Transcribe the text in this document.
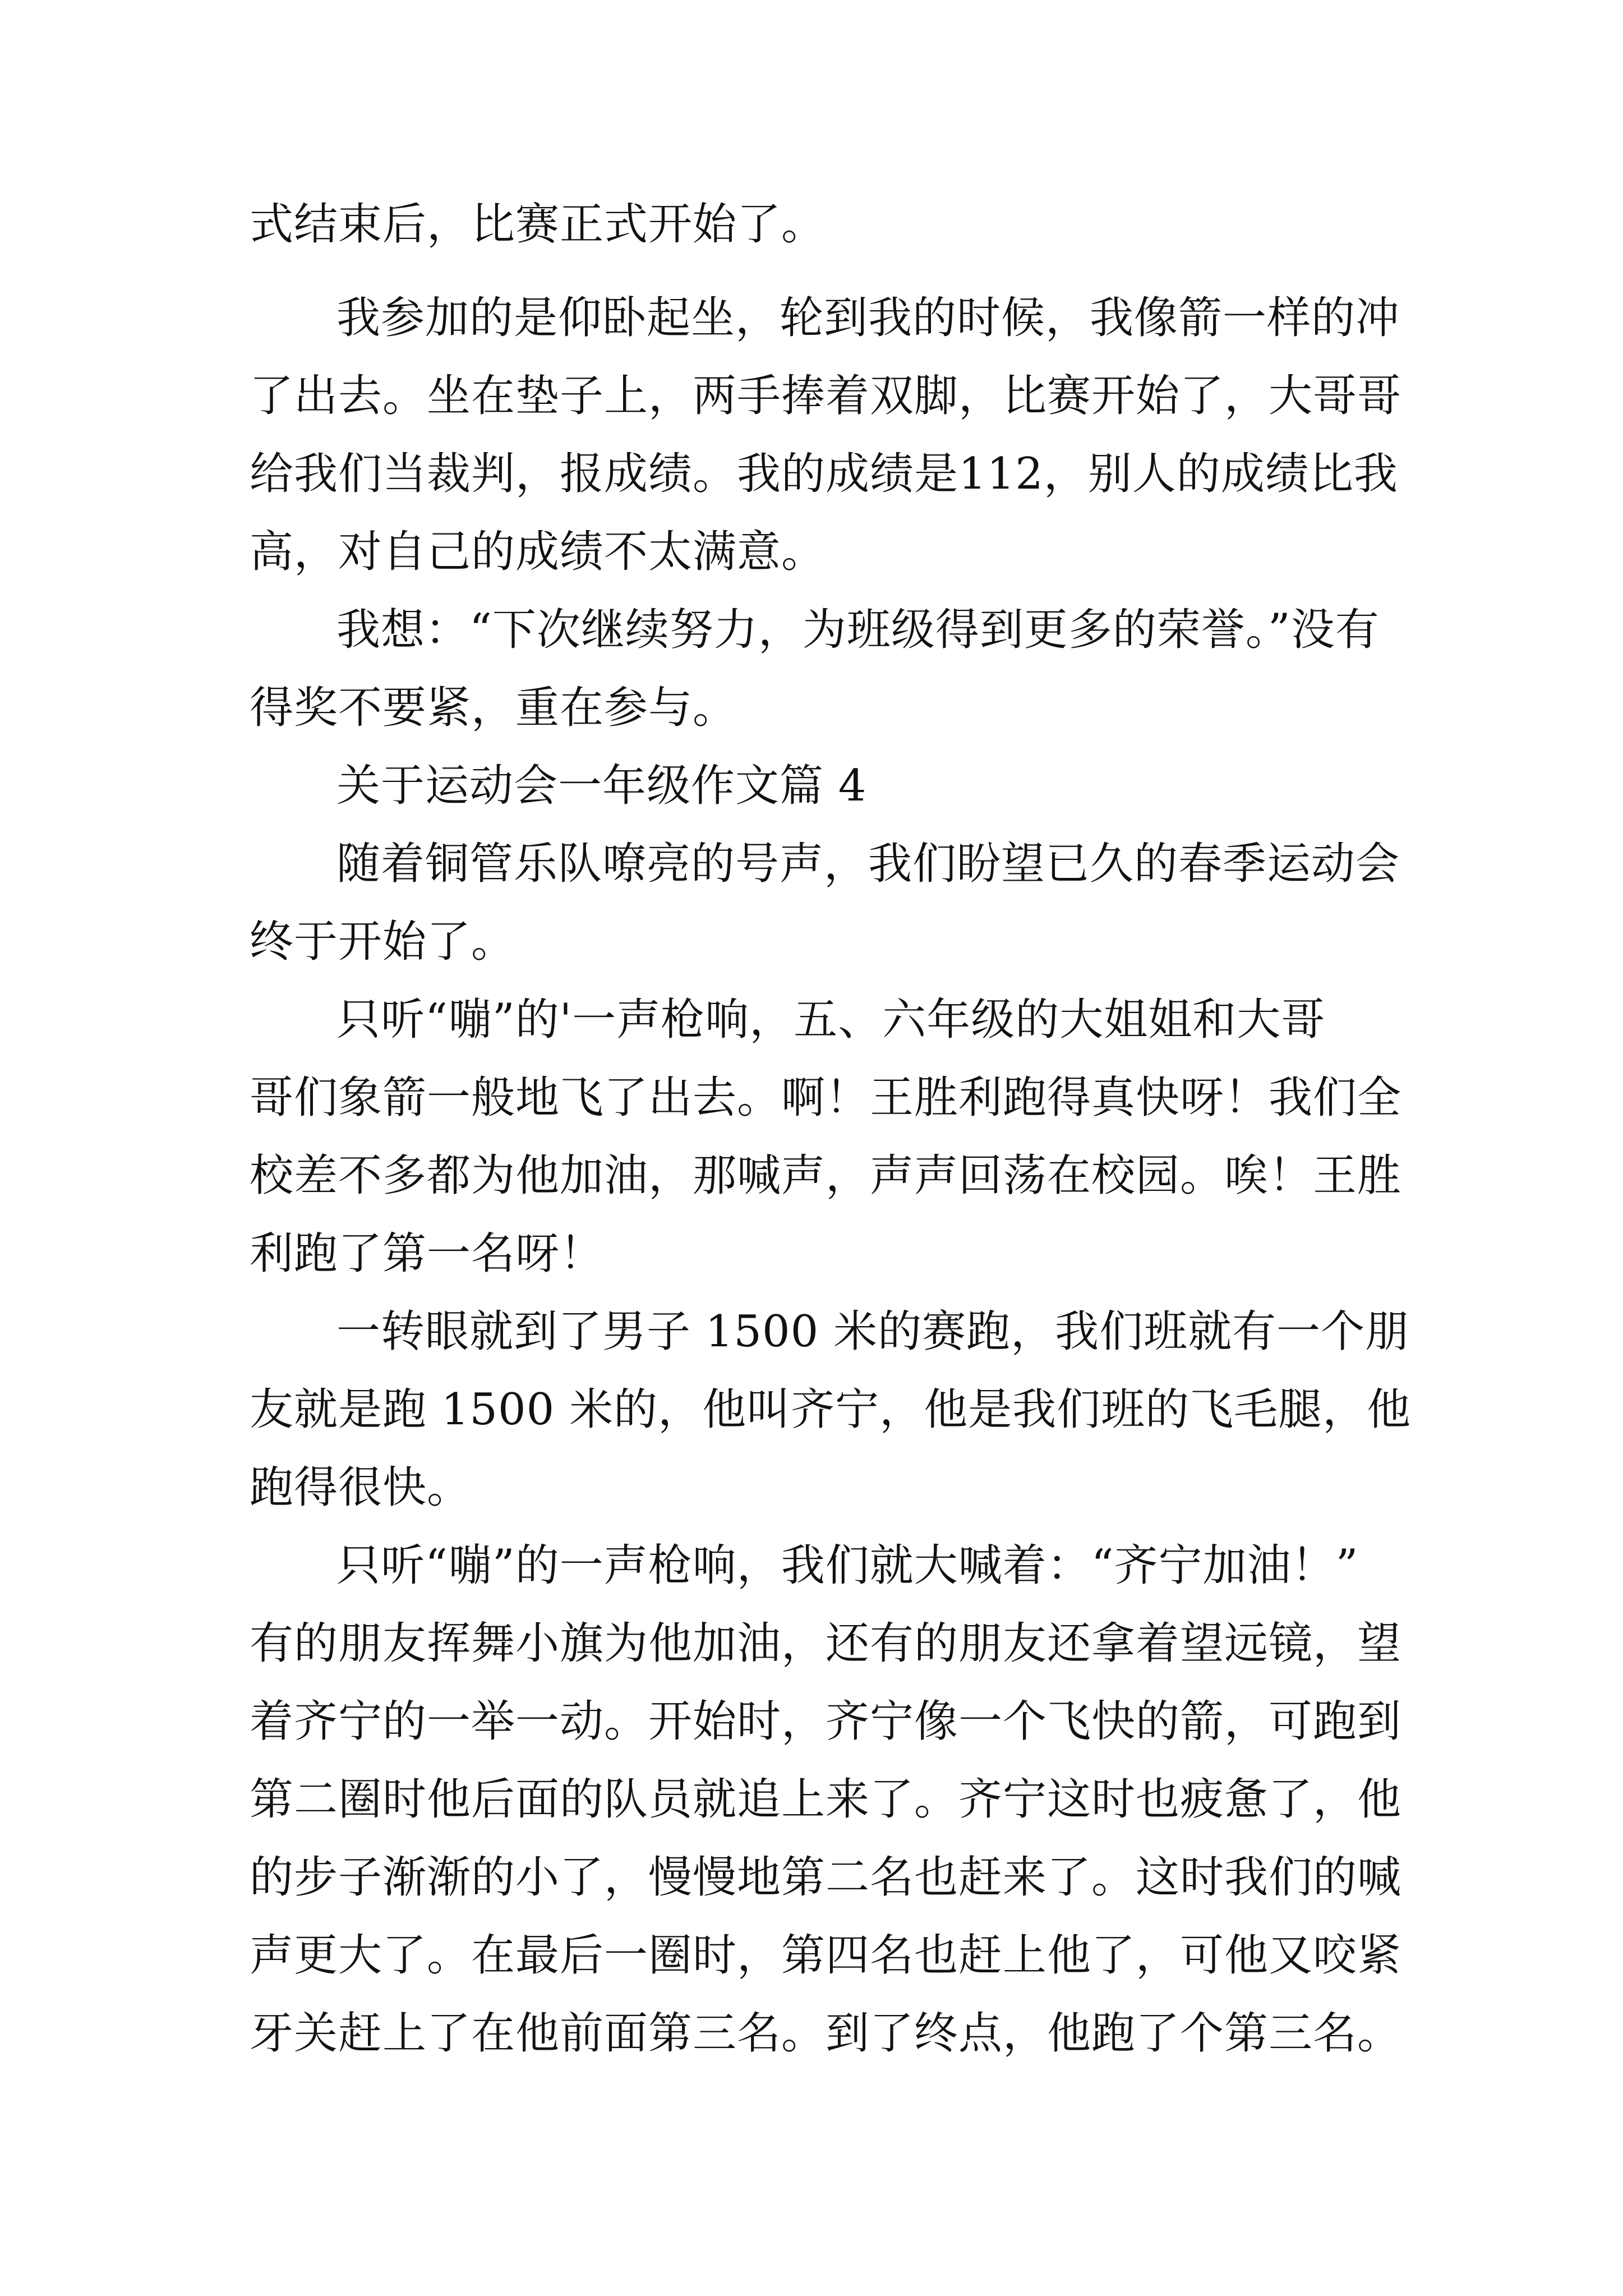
式结束后，比赛正式开始了。
我参加的是仰卧起坐，轮到我的时候，我像箭一样的冲
了出去。坐在垫子上，两手捧着双脚，比赛开始了，大哥哥
给我们当裁判，报成绩。我的成绩是112，别人的成绩比我
高，对自己的成绩不太满意。
我想：“下次继续努力，为班级得到更多的荣誉。”没有
得奖不要紧，重在参与。
关于运动会一年级作文篇 4
随着铜管乐队嘹亮的号声，我们盼望已久的春季运动会
终于开始了。
只听“嘣”的'一声枪响，五、六年级的大姐姐和大哥
哥们象箭一般地飞了出去。啊！王胜利跑得真快呀！我们全
校差不多都为他加油，那喊声，声声回荡在校园。唉！王胜
利跑了第一名呀！
一转眼就到了男子 1500 米的赛跑，我们班就有一个朋
友就是跑 1500 米的，他叫齐宁，他是我们班的飞毛腿，他
跑得很快。
只听“嘣”的一声枪响，我们就大喊着：“齐宁加油！”
有的朋友挥舞小旗为他加油，还有的朋友还拿着望远镜，望
着齐宁的一举一动。开始时，齐宁像一个飞快的箭，可跑到
第二圈时他后面的队员就追上来了。齐宁这时也疲惫了，他
的步子渐渐的小了，慢慢地第二名也赶来了。这时我们的喊
声更大了。在最后一圈时，第四名也赶上他了，可他又咬紧
牙关赶上了在他前面第三名。到了终点，他跑了个第三名。
